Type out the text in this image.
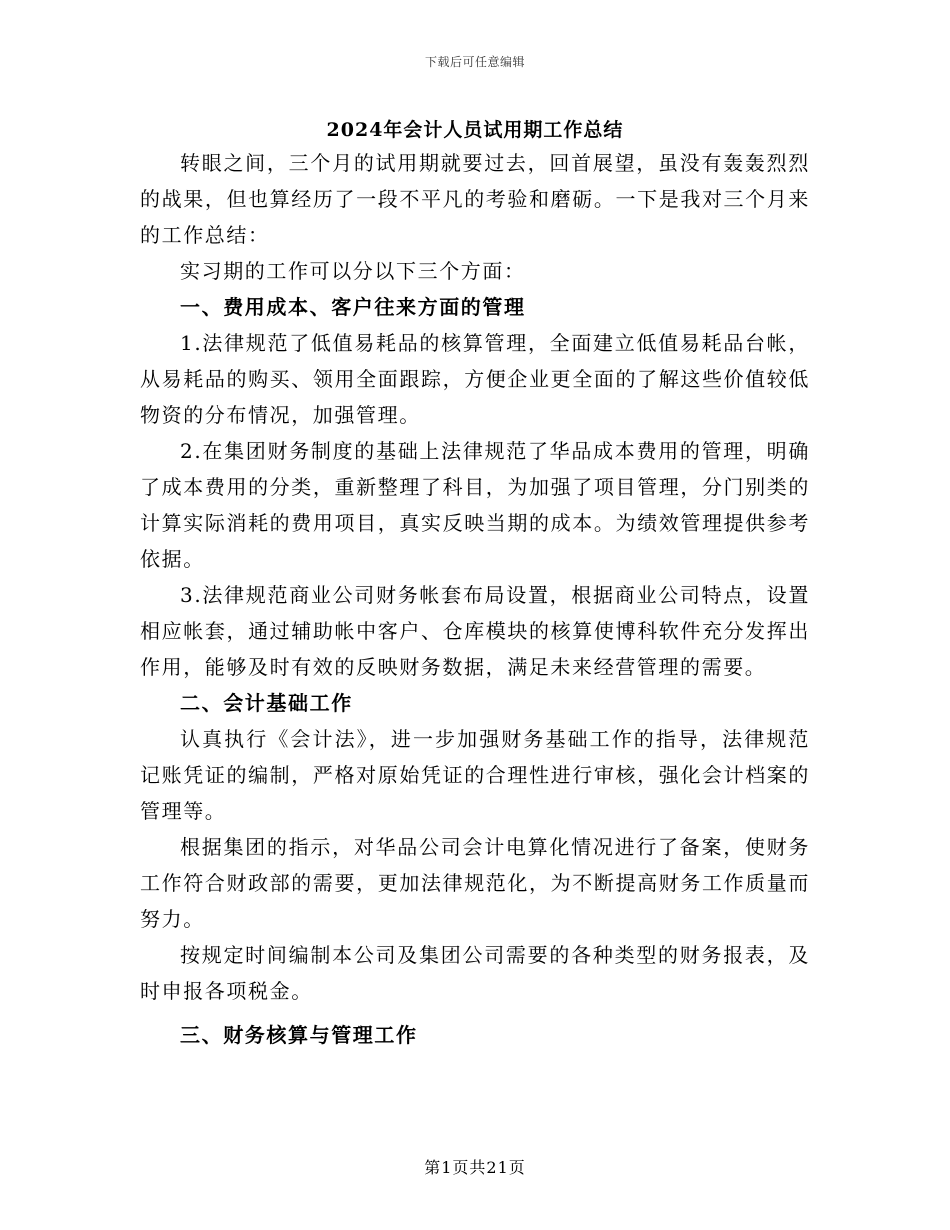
下载后可任意编辑
2024年会计人员试用期工作总结

转眼之间，三个月的试用期就要过去，回首展望，虽没有轰轰烈烈的战果，但也算经历了一段不平凡的考验和磨砺。一下是我对三个月来的工作总结：

实习期的工作可以分以下三个方面：

一、费用成本、客户往来方面的管理

1.法律规范了低值易耗品的核算管理，全面建立低值易耗品台帐，从易耗品的购买、领用全面跟踪，方便企业更全面的了解这些价值较低物资的分布情况，加强管理。

2.在集团财务制度的基础上法律规范了华品成本费用的管理，明确了成本费用的分类，重新整理了科目，为加强了项目管理，分门别类的计算实际消耗的费用项目，真实反映当期的成本。为绩效管理提供参考依据。

3.法律规范商业公司财务帐套布局设置，根据商业公司特点，设置相应帐套，通过辅助帐中客户、仓库模块的核算使博科软件充分发挥出作用，能够及时有效的反映财务数据，满足未来经营管理的需要。

二、会计基础工作

认真执行《会计法》，进一步加强财务基础工作的指导，法律规范记账凭证的编制，严格对原始凭证的合理性进行审核，强化会计档案的管理等。

根据集团的指示，对华品公司会计电算化情况进行了备案，使财务工作符合财政部的需要，更加法律规范化，为不断提高财务工作质量而努力。

按规定时间编制本公司及集团公司需要的各种类型的财务报表，及时申报各项税金。

三、财务核算与管理工作

第1页共21页
